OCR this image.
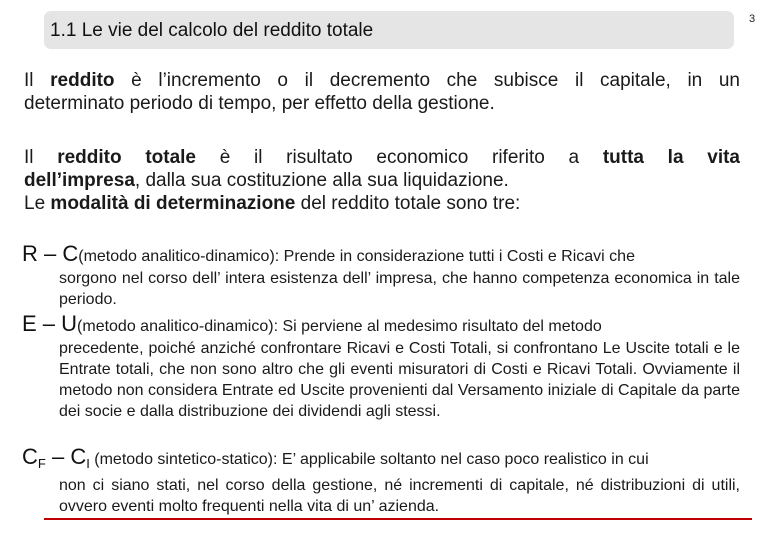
1.1 Le vie del calcolo del reddito totale
3
Il reddito è l’incremento o il decremento che subisce il capitale, in un
determinato periodo di tempo, per effetto della gestione.
Il reddito totale è il risultato economico riferito a tutta la vita
dell’impresa, dalla sua costituzione alla sua liquidazione.
Le modalità di determinazione del reddito totale sono tre:
R – C(metodo analitico-dinamico): Prende in considerazione tutti i Costi e Ricavi che
sorgono nel corso dell’ intera esistenza dell’ impresa, che hanno competenza economica in tale periodo.
E – U(metodo analitico-dinamico): Si perviene al medesimo risultato del metodo
precedente, poiché anziché confrontare Ricavi e Costi Totali, si confrontano Le Uscite totali e le Entrate totali, che non sono altro che gli eventi misuratori di Costi e Ricavi Totali. Ovviamente il metodo non considera Entrate ed Uscite provenienti dal Versamento iniziale di Capitale da parte dei socie e dalla distribuzione dei dividendi agli stessi.
$C_F - C_I$ (metodo sintetico-statico): E’ applicabile soltanto nel caso poco realistico in cui
non ci siano stati, nel corso della gestione, né incrementi di capitale, né distribuzioni di utili, ovvero eventi molto frequenti nella vita di un’ azienda.
